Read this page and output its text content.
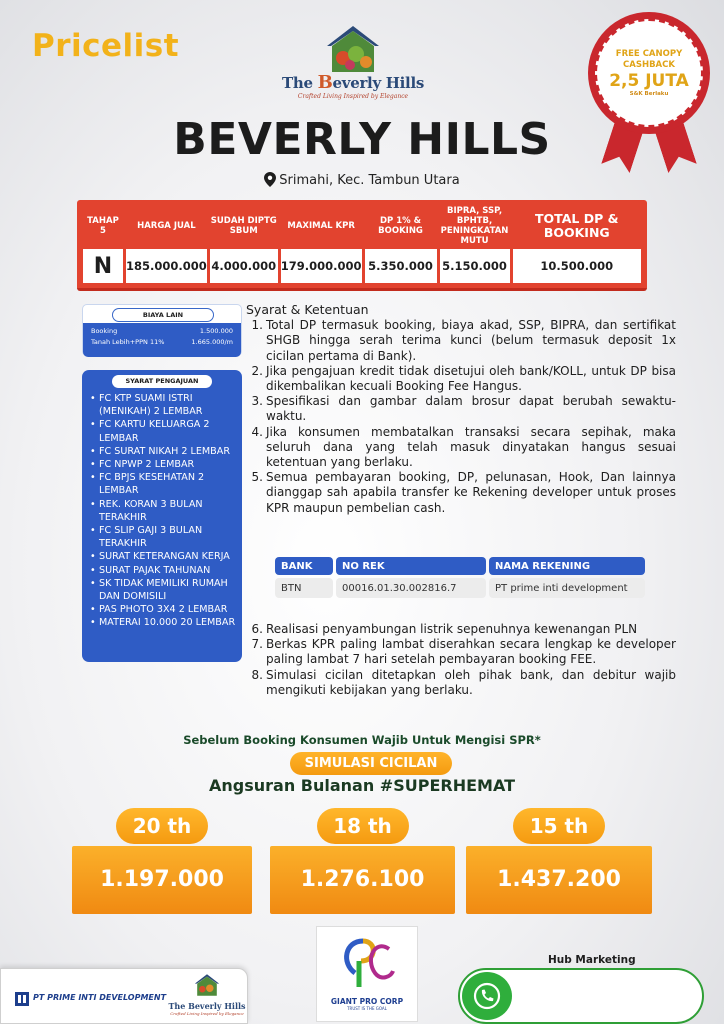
Pricelist
The Beverly Hills
Crafted Living Inspired by Elegance
BEVERLY HILLS
Srimahi, Kec. Tambun Utara
FREE CANOPY
CASHBACK
2,5 JUTA
S&K Berlaku
TAHAP 5	HARGA JUAL	SUDAH DIPTG SBUM	MAXIMAL KPR	DP 1% & BOOKING	BIPRA, SSP, BPHTB, PENINGKATAN MUTU	TOTAL DP & BOOKING
N	185.000.000	4.000.000	179.000.000	5.350.000	5.150.000	10.500.000
Booking	1.500.000
Tanah Lebih+PPN 11%	1.665.000/m
BIAYA LAIN
SYARAT PENGAJUAN
• FC KTP SUAMI ISTRI (MENIKAH) 2 LEMBAR
• FC KARTU KELUARGA 2 LEMBAR
• FC SURAT NIKAH 2 LEMBAR
• FC NPWP 2 LEMBAR
• FC BPJS KESEHATAN 2 LEMBAR
• REK. KORAN 3 BULAN TERAKHIR
• FC SLIP GAJI 3 BULAN TERAKHIR
• SURAT KETERANGAN KERJA
• SURAT PAJAK TAHUNAN
• SK TIDAK MEMILIKI RUMAH DAN DOMISILI
• PAS PHOTO 3X4 2 LEMBAR
• MATERAI 10.000 20 LEMBAR
Syarat & Ketentuan
1. Total DP termasuk booking, biaya akad, SSP, BIPRA, dan sertifikat SHGB hingga serah terima kunci (belum termasuk deposit 1x cicilan pertama di Bank).
2. Jika pengajuan kredit tidak disetujui oleh bank/KOLL, untuk DP bisa dikembalikan kecuali Booking Fee Hangus.
3. Spesifikasi dan gambar dalam brosur dapat berubah sewaktu-waktu.
4. Jika konsumen membatalkan transaksi secara sepihak, maka seluruh dana yang telah masuk dinyatakan hangus sesuai ketentuan yang berlaku.
5. Semua pembayaran booking, DP, pelunasan, Hook, Dan lainnya dianggap sah apabila transfer ke Rekening developer untuk proses KPR maupun pembelian cash.
BANK	NO REK	NAMA REKENING
BTN	00016.01.30.002816.7	PT prime inti development
6. Realisasi penyambungan listrik sepenuhnya kewenangan PLN
7. Berkas KPR paling lambat diserahkan secara lengkap ke developer paling lambat 7 hari setelah pembayaran booking FEE.
8. Simulasi cicilan ditetapkan oleh pihak bank, dan debitur wajib mengikuti kebijakan yang berlaku.
Sebelum Booking Konsumen Wajib Untuk Mengisi SPR*
SIMULASI CICILAN
Angsuran Bulanan #SUPERHEMAT
20 th
1.197.000
18 th
1.276.100
15 th
1.437.200
PT PRIME INTI DEVELOPMENT
The Beverly Hills
Crafted Living Inspired by Elegance
GIANT PRO CORP
TRUST IS THE GOAL
Hub Marketing
